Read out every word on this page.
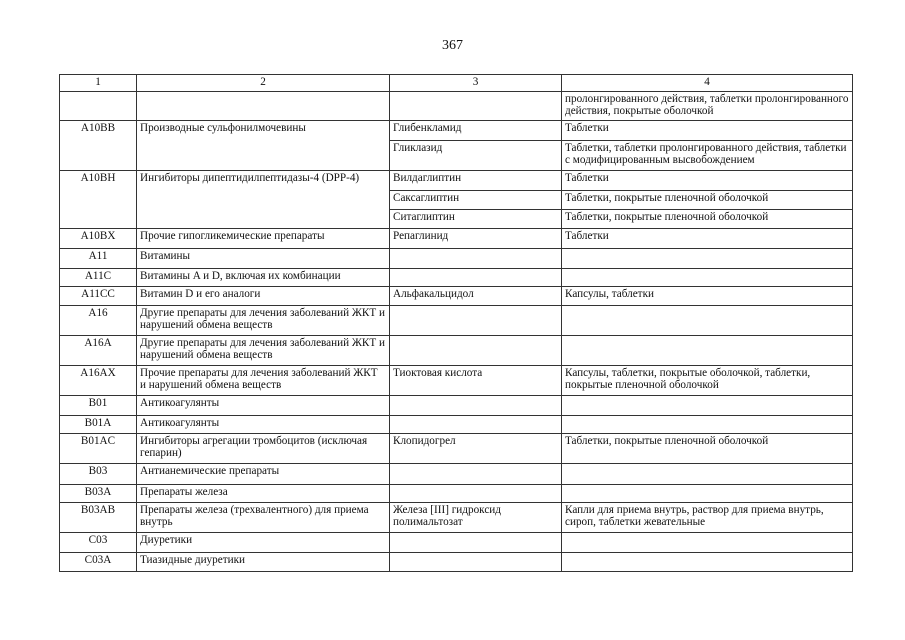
367
1	2	3	4
			пролонгированного действия, таблетки пролонгированного действия, покрытые оболочкой
A10BB	Производные сульфонилмочевины	Глибенкламид	Таблетки
		Гликлазид	Таблетки, таблетки пролонгированного действия, таблетки с модифицированным высвобождением
A10BH	Ингибиторы дипептидилпептидазы-4 (DPP-4)	Вилдаглиптин	Таблетки
		Саксаглиптин	Таблетки, покрытые пленочной оболочкой
		Ситаглиптин	Таблетки, покрытые пленочной оболочкой
A10BX	Прочие гипогликемические препараты	Репаглинид	Таблетки
A11	Витамины		
A11C	Витамины A и D, включая их комбинации		
A11CC	Витамин D и его аналоги	Альфакальцидол	Капсулы, таблетки
A16	Другие препараты для лечения заболеваний ЖКТ и нарушений обмена веществ		
A16A	Другие препараты для лечения заболеваний ЖКТ и нарушений обмена веществ		
A16AX	Прочие препараты для лечения заболеваний ЖКТ и нарушений обмена веществ	Тиоктовая кислота	Капсулы, таблетки, покрытые оболочкой, таблетки, покрытые пленочной оболочкой
B01	Антикоагулянты		
B01A	Антикоагулянты		
B01AC	Ингибиторы агрегации тромбоцитов (исключая гепарин)	Клопидогрел	Таблетки, покрытые пленочной оболочкой
B03	Антианемические препараты		
B03A	Препараты железа		
B03AB	Препараты железа (трехвалентного) для приема внутрь	Железа [III] гидроксид полимальтозат	Капли для приема внутрь, раствор для приема внутрь, сироп, таблетки жевательные
C03	Диуретики		
C03A	Тиазидные диуретики		
